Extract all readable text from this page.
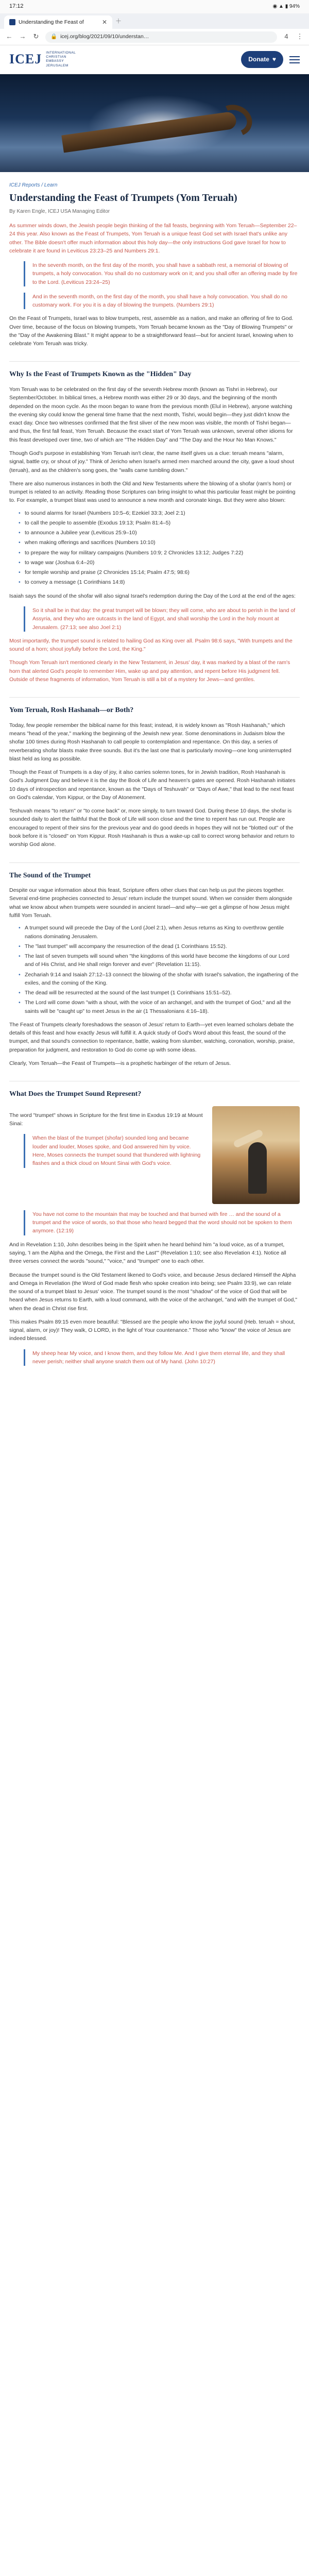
17:12	◉ ▲ ▮ 94%
Understanding the Feast of	✕ ＋
← → ↻ 🔒 icej.org/blog/2021/09/10/understan…	4	⋮
ICEJ INTERNATIONAL CHRISTIAN EMBASSY JERUSALEM
Donate ♥
ICEJ Reports / Learn
Understanding the Feast of Trumpets (Yom Teruah)
By Karen Engle, ICEJ USA Managing Editor

As summer winds down, the Jewish people begin thinking of the fall feasts, beginning with Yom Teruah—September 22–24 this year. Also known as the Feast of Trumpets, Yom Teruah is a unique feast God set with Israel that's unlike any other. The Bible doesn't offer much information about this holy day—the only instructions God gave Israel for how to celebrate it are found in Leviticus 23:23–25 and Numbers 29:1.

In the seventh month, on the first day of the month, you shall have a sabbath rest, a memorial of blowing of trumpets, a holy convocation. You shall do no customary work on it; and you shall offer an offering made by fire to the Lord. (Leviticus 23:24–25)

And in the seventh month, on the first day of the month, you shall have a holy convocation. You shall do no customary work. For you it is a day of blowing the trumpets. (Numbers 29:1)

On the Feast of Trumpets, Israel was to blow trumpets, rest, assemble as a nation, and make an offering of fire to God. Over time, because of the focus on blowing trumpets, Yom Teruah became known as the "Day of Blowing Trumpets" or the "Day of the Awakening Blast." It might appear to be a straightforward feast—but for ancient Israel, knowing when to celebrate Yom Teruah was tricky.

Why Is the Feast of Trumpets Known as the "Hidden" Day

Yom Teruah was to be celebrated on the first day of the seventh Hebrew month (known as Tishri in Hebrew), our September/October. In biblical times, a Hebrew month was either 29 or 30 days, and the beginning of the month depended on the moon cycle. As the moon began to wane from the previous month (Elul in Hebrew), anyone watching the evening sky could know the general time frame that the next month, Tishri, would begin—they just didn't know the exact day. Once two witnesses confirmed that the first sliver of the new moon was visible, the month of Tishri began—and thus, the first fall feast, Yom Teruah. Because the exact start of Yom Teruah was unknown, several other idioms for this feast developed over time, two of which are "The Hidden Day" and "The Day and the Hour No Man Knows."

Though God's purpose in establishing Yom Teruah isn't clear, the name itself gives us a clue: teruah means "alarm, signal, battle cry, or shout of joy." Think of Jericho when Israel's armed men marched around the city, gave a loud shout (teruah), and as the children's song goes, the "walls came tumbling down."

There are also numerous instances in both the Old and New Testaments where the blowing of a shofar (ram's horn) or trumpet is related to an activity. Reading those Scriptures can bring insight to what this particular feast might be pointing to. For example, a trumpet blast was used to announce a new month and coronate kings. But they were also blown:

• to sound alarms for Israel (Numbers 10:5–6; Ezekiel 33:3; Joel 2:1)
• to call the people to assemble (Exodus 19:13; Psalm 81:4–5)
• to announce a Jubilee year (Leviticus 25:9–10)
• when making offerings and sacrifices (Numbers 10:10)
• to prepare the way for military campaigns (Numbers 10:9; 2 Chronicles 13:12; Judges 7:22)
• to wage war (Joshua 6:4–20)
• for temple worship and praise (2 Chronicles 15:14; Psalm 47:5; 98:6)
• to convey a message (1 Corinthians 14:8)

Isaiah says the sound of the shofar will also signal Israel's redemption during the Day of the Lord at the end of the ages:

So it shall be in that day: the great trumpet will be blown; they will come, who are about to perish in the land of Assyria, and they who are outcasts in the land of Egypt, and shall worship the Lord in the holy mount at Jerusalem. (27:13; see also Joel 2:1)

Most importantly, the trumpet sound is related to hailing God as King over all. Psalm 98:6 says, "With trumpets and the sound of a horn; shout joyfully before the Lord, the King."

Though Yom Teruah isn't mentioned clearly in the New Testament, in Jesus' day, it was marked by a blast of the ram's horn that alerted God's people to remember Him, wake up and pay attention, and repent before His judgment fell. Outside of these fragments of information, Yom Teruah is still a bit of a mystery for Jews—and gentiles.

Yom Teruah, Rosh Hashanah—or Both?

Today, few people remember the biblical name for this feast; instead, it is widely known as "Rosh Hashanah," which means "head of the year," marking the beginning of the Jewish new year. Some denominations in Judaism blow the shofar 100 times during Rosh Hashanah to call people to contemplation and repentance. On this day, a series of reverberating shofar blasts make three sounds. But it's the last one that is particularly moving—one long uninterrupted blast held as long as possible.

Though the Feast of Trumpets is a day of joy, it also carries solemn tones, for in Jewish tradition, Rosh Hashanah is God's Judgment Day and believe it is the day the Book of Life and heaven's gates are opened. Rosh Hashanah initiates 10 days of introspection and repentance, known as the "Days of Teshuvah" or "Days of Awe," that lead to the next feast on God's calendar, Yom Kippur, or the Day of Atonement.

Teshuvah means "to return" or "to come back" or, more simply, to turn toward God. During these 10 days, the shofar is sounded daily to alert the faithful that the Book of Life will soon close and the time to repent has run out. People are encouraged to repent of their sins for the previous year and do good deeds in hopes they will not be "blotted out" of the book before it is "closed" on Yom Kippur. Rosh Hashanah is thus a wake-up call to correct wrong behavior and return to worship God alone.

The Sound of the Trumpet

Despite our vague information about this feast, Scripture offers other clues that can help us put the pieces together. Several end-time prophecies connected to Jesus' return include the trumpet sound. When we consider them alongside what we know about when trumpets were sounded in ancient Israel—and why—we get a glimpse of how Jesus might fulfill Yom Teruah.

• A trumpet sound will precede the Day of the Lord (Joel 2:1), when Jesus returns as King to overthrow gentile nations dominating Jerusalem.
• The "last trumpet" will accompany the resurrection of the dead (1 Corinthians 15:52).
• The last of seven trumpets will sound when "the kingdoms of this world have become the kingdoms of our Lord and of His Christ, and He shall reign forever and ever" (Revelation 11:15).
• Zechariah 9:14 and Isaiah 27:12–13 connect the blowing of the shofar with Israel's salvation, the ingathering of the exiles, and the coming of the King.
• The dead will be resurrected at the sound of the last trumpet (1 Corinthians 15:51–52).
• The Lord will come down "with a shout, with the voice of an archangel, and with the trumpet of God," and all the saints will be "caught up" to meet Jesus in the air (1 Thessalonians 4:16–18).

The Feast of Trumpets clearly foreshadows the season of Jesus' return to Earth—yet even learned scholars debate the details of this feast and how exactly Jesus will fulfill it. A quick study of God's Word about this feast, the sound of the trumpet, and that sound's connection to repentance, battle, waking from slumber, watching, coronation, worship, praise, preparation for judgment, and restoration to God do come up with some ideas.

Clearly, Yom Teruah—the Feast of Trumpets—is a prophetic harbinger of the return of Jesus.

What Does the Trumpet Sound Represent?

The word "trumpet" shows in Scripture for the first time in Exodus 19:19 at Mount Sinai:

When the blast of the trumpet (shofar) sounded long and became louder and louder, Moses spoke, and God answered him by voice. Here, Moses connects the trumpet sound that thundered with lightning flashes and a thick cloud on Mount Sinai with God's voice.

You have not come to the mountain that may be touched and that burned with fire … and the sound of a trumpet and the voice of words, so that those who heard begged that the word should not be spoken to them anymore. (12:19)

And in Revelation 1:10, John describes being in the Spirit when he heard behind him "a loud voice, as of a trumpet, saying, 'I am the Alpha and the Omega, the First and the Last'" (Revelation 1:10; see also Revelation 4:1). Notice all three verses connect the words "sound," "voice," and "trumpet" one to each other.

Because the trumpet sound is the Old Testament likened to God's voice, and because Jesus declared Himself the Alpha and Omega in Revelation (the Word of God made flesh who spoke creation into being; see Psalm 33:9), we can relate the sound of a trumpet blast to Jesus' voice. The trumpet sound is the most "shadow" of the voice of God that will be heard when Jesus returns to Earth, with a loud command, with the voice of the archangel, "and with the trumpet of God," when the dead in Christ rise first.

This makes Psalm 89:15 even more beautiful: "Blessed are the people who know the joyful sound (Heb. teruah = shout, signal, alarm, or joy)! They walk, O LORD, in the light of Your countenance." Those who "know" the voice of Jesus are indeed blessed.

My sheep hear My voice, and I know them, and they follow Me. And I give them eternal life, and they shall never perish; neither shall anyone snatch them out of My hand. (John 10:27)
